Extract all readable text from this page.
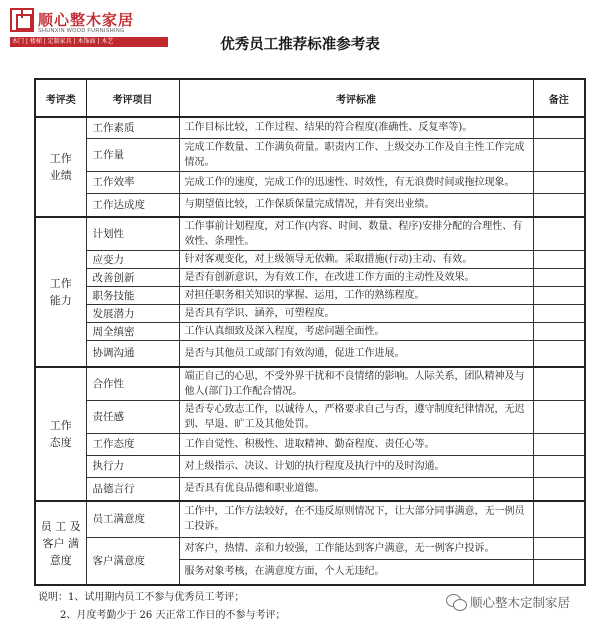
顺心整木家居
SHUNXIN WOOD FURNISHING
木门 | 楼梯 | 定制家具 | 木饰面 | 木艺	优秀员工推荐标准参考表
考评类	考评项目	考评标准	备注
工作
业绩	工作素质	工作目标比较，工作过程、结果的符合程度(准确性、反复率等)。	
	工作量	完成工作数量、工作满负荷量。职责内工作、上级交办工作及自主性工作完成情况。	
	工作效率	完成工作的速度，完成工作的迅速性、时效性，有无浪费时间或拖拉现象。	
	工作达成度	与期望值比较，工作保质保量完成情况，并有突出业绩。	
工作
能力	计划性	工作事前计划程度，对工作(内容、时间、数量、程序)安排分配的合理性、有效性、条理性。	
	应变力	针对客观变化，对上级领导无依赖。采取措施(行动)主动、有效。	
	改善创新	是否有创新意识，为有效工作，在改进工作方面的主动性及效果。	
	职务技能	对担任职务相关知识的掌握、运用，工作的熟练程度。	
	发展潜力	是否具有学识、涵养，可塑程度。	
	周全缜密	工作认真细致及深入程度，考虑问题全面性。	
	协调沟通	是否与其他员工或部门有效沟通，促进工作进展。	
工作
态度	合作性	端正自己的心思，不受外界干扰和不良情绪的影响。人际关系，团队精神及与他人(部门)工作配合情况。	
	责任感	是否专心致志工作，以诚待人，严格要求自己与否，遵守制度纪律情况，无迟到、早退、旷工及其他处罚。	
	工作态度	工作自觉性、积极性、进取精神、勤奋程度、责任心等。	
	执行力	对上级指示、决议、计划的执行程度及执行中的及时沟通。	
	品德言行	是否具有优良品德和职业道德。	
员 工 及
客户 满
意度	员工满意度	工作中，工作方法较好，在不违反原则情况下，让大部分同事满意，无一例员工投诉。	
	客户满意度	对客户，热情、亲和力较强，工作能达到客户满意，无一例客户投诉。	
		服务对象考核，在满意度方面，个人无违纪。	
说明：1、试用期内员工不参与优秀员工考评；
2、月度考勤少于 26 天正常工作日的不参与考评；
顺心整木定制家居
